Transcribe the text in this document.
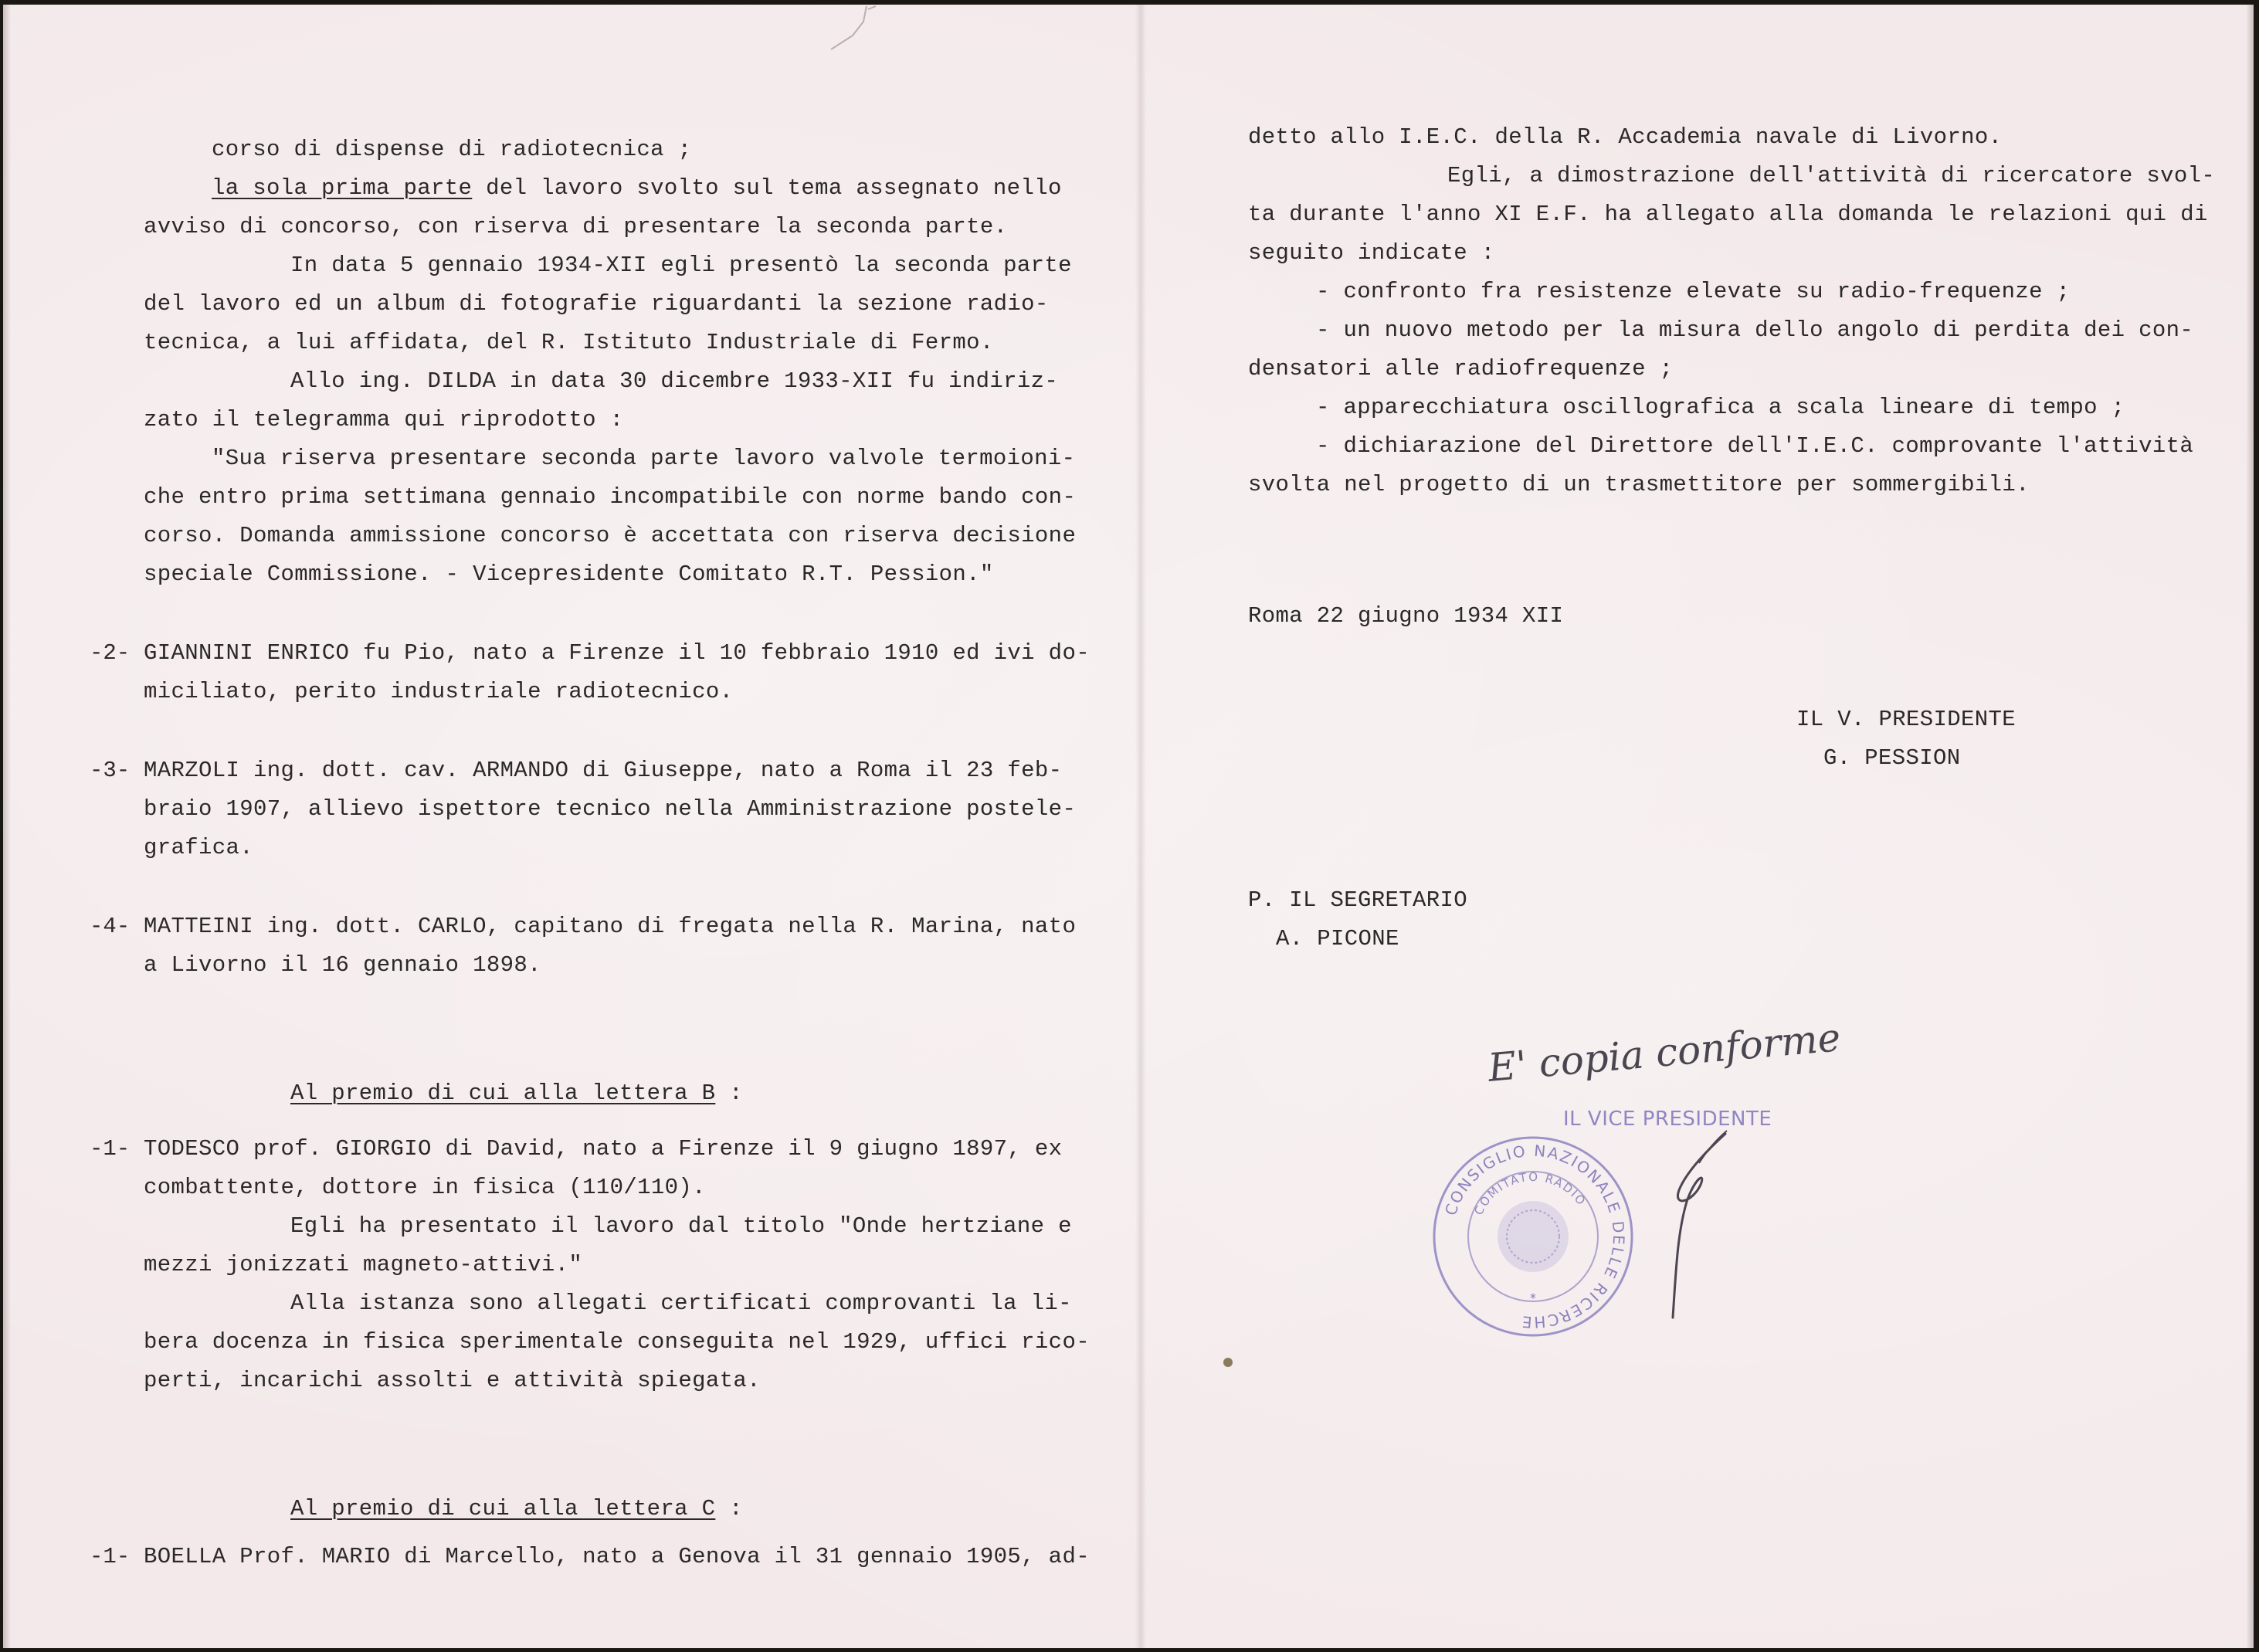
corso di dispense di radiotecnica ;
la sola prima parte del lavoro svolto sul tema assegnato nello
avviso di concorso, con riserva di presentare la seconda parte.
In data 5 gennaio 1934-XII egli presentò la seconda parte
del lavoro ed un album di fotografie riguardanti la sezione radio-
tecnica, a lui affidata, del R. Istituto Industriale di Fermo.
Allo ing. DILDA in data 30 dicembre 1933-XII fu indiriz-
zato il telegramma qui riprodotto :
"Sua riserva presentare seconda parte lavoro valvole termoioni-
che entro prima settimana gennaio incompatibile con norme bando con-
corso. Domanda ammissione concorso è accettata con riserva decisione
speciale Commissione. - Vicepresidente Comitato R.T. Pession."
-2- GIANNINI ENRICO fu Pio, nato a Firenze il 10 febbraio 1910 ed ivi do-
miciliato, perito industriale radiotecnico.
-3- MARZOLI ing. dott. cav. ARMANDO di Giuseppe, nato a Roma il 23 feb-
braio 1907, allievo ispettore tecnico nella Amministrazione postele-
grafica.
-4- MATTEINI ing. dott. CARLO, capitano di fregata nella R. Marina, nato
a Livorno il 16 gennaio 1898.
Al premio di cui alla lettera B :
-1- TODESCO prof. GIORGIO di David, nato a Firenze il 9 giugno 1897, ex
combattente, dottore in fisica (110/110).
Egli ha presentato il lavoro dal titolo "Onde hertziane e
mezzi jonizzati magneto-attivi."
Alla istanza sono allegati certificati comprovanti la li-
bera docenza in fisica sperimentale conseguita nel 1929, uffici rico-
perti, incarichi assolti e attività spiegata.
Al premio di cui alla lettera C :
-1- BOELLA Prof. MARIO di Marcello, nato a Genova il 31 gennaio 1905, ad-
detto allo I.E.C. della R. Accademia navale di Livorno.
Egli, a dimostrazione dell'attività di ricercatore svol-
ta durante l'anno XI E.F. ha allegato alla domanda le relazioni qui di
seguito indicate :
- confronto fra resistenze elevate su radio-frequenze ;
- un nuovo metodo per la misura dello angolo di perdita dei con-
densatori alle radiofrequenze ;
- apparecchiatura oscillografica a scala lineare di tempo ;
- dichiarazione del Direttore dell'I.E.C. comprovante l'attività
svolta nel progetto di un trasmettitore per sommergibili.
Roma 22 giugno 1934 XII
IL V. PRESIDENTE
G. PESSION
P. IL SEGRETARIO
A. PICONE
E' copia conforme
IL VICE PRESIDENTE
CONSIGLIO NAZIONALE DELLE RICERCHE
COMITATO RADIO
*
